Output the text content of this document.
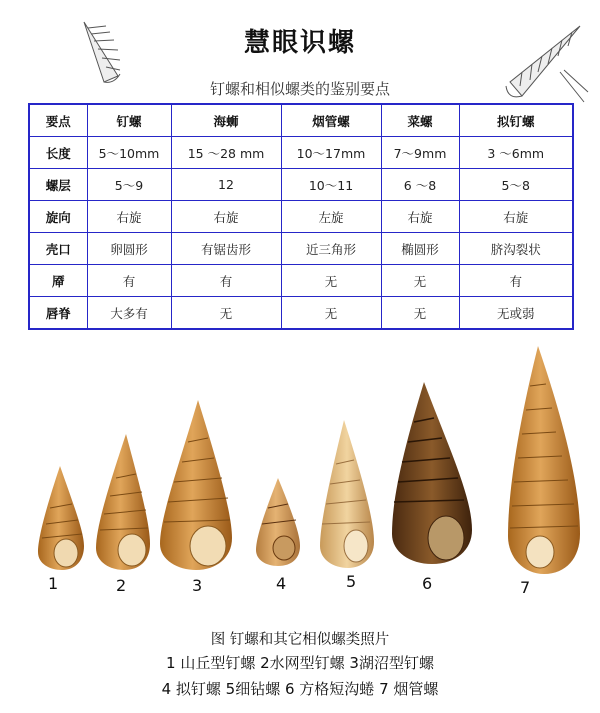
慧眼识螺
钉螺和相似螺类的鉴别要点
要点	钉螺	海蛳	烟管螺	菜螺	拟钉螺
长度	5～10mm	15 ～28 mm	10～17mm	7～9mm	3 ～6mm
螺层	5～9	12	10～11	6 ～8	5～8
旋向	右旋	右旋	左旋	右旋	右旋
壳口	卵圆形	有锯齿形	近三角形	椭圆形	脐沟裂状
厣	有	有	无	无	有
唇脊	大多有	无	无	无	无或弱
1	2	3	4	5	6	7
图 钉螺和其它相似螺类照片
1 山丘型钉螺 2水网型钉螺 3湖沼型钉螺
4 拟钉螺 5细钻螺 6 方格短沟蜷 7 烟管螺
